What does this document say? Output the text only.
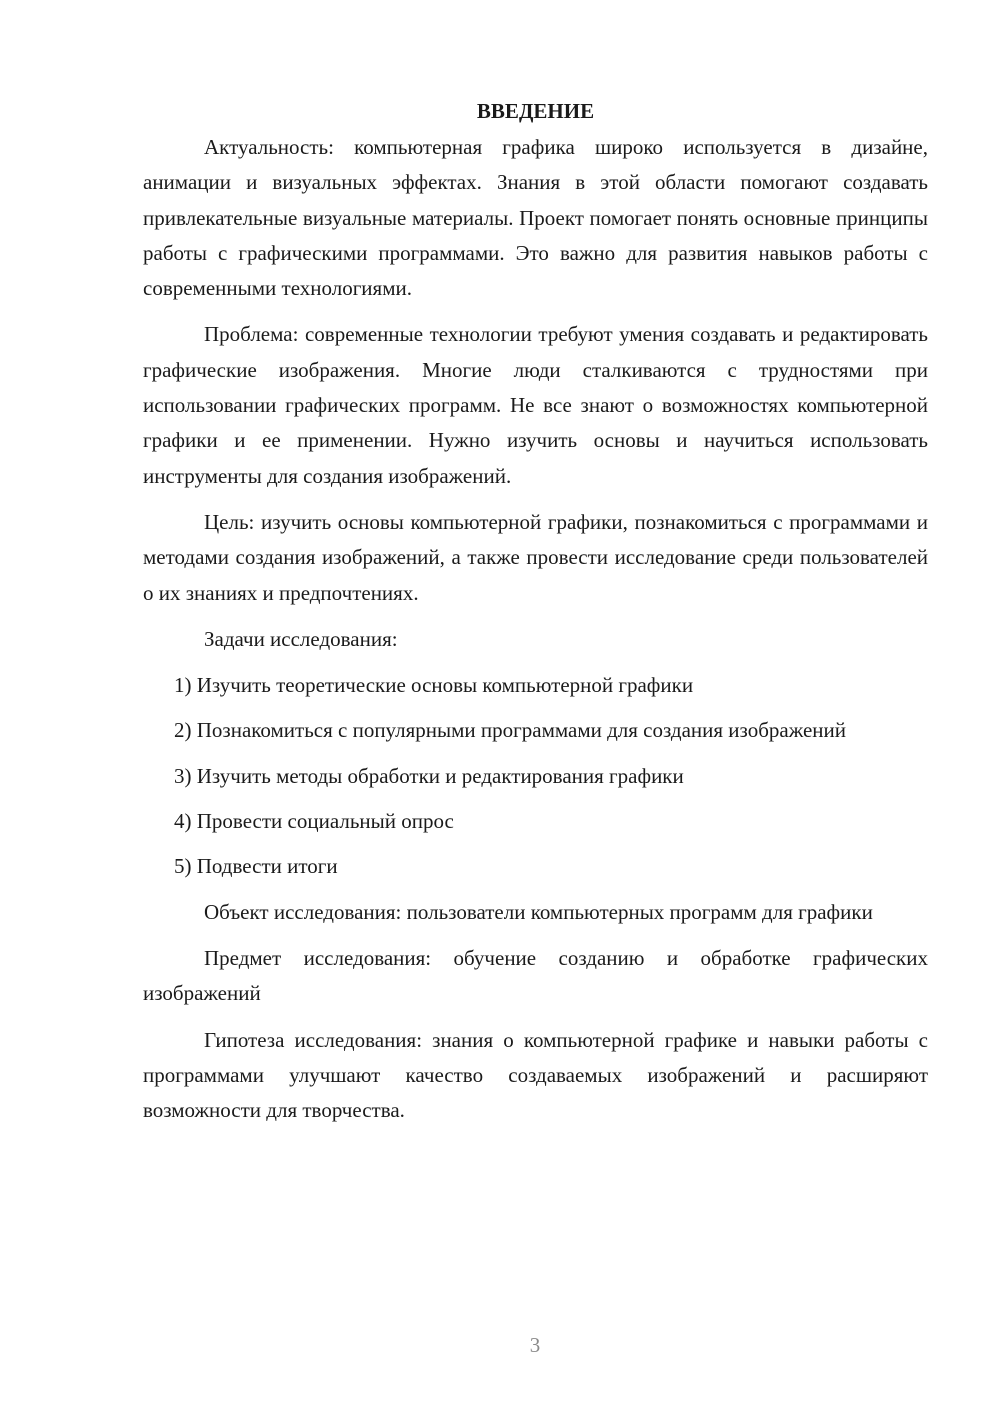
ВВЕДЕНИЕ

Актуальность: компьютерная графика широко используется в дизайне, анимации и визуальных эффектах. Знания в этой области помогают создавать привлекательные визуальные материалы. Проект помогает понять основные принципы работы с графическими программами. Это важно для развития навыков работы с современными технологиями.

Проблема: современные технологии требуют умения создавать и редактировать графические изображения. Многие люди сталкиваются с трудностями при использовании графических программ. Не все знают о возможностях компьютерной графики и ее применении. Нужно изучить основы и научиться использовать инструменты для создания изображений.

Цель: изучить основы компьютерной графики, познакомиться с программами и методами создания изображений, а также провести исследование среди пользователей о их знаниях и предпочтениях.

Задачи исследования:

1) Изучить теоретические основы компьютерной графики

2) Познакомиться с популярными программами для создания изображений

3) Изучить методы обработки и редактирования графики

4) Провести социальный опрос

5) Подвести итоги

Объект исследования: пользователи компьютерных программ для графики

Предмет исследования: обучение созданию и обработке графических изображений

Гипотеза исследования: знания о компьютерной графике и навыки работы с программами улучшают качество создаваемых изображений и расширяют возможности для творчества.

3
